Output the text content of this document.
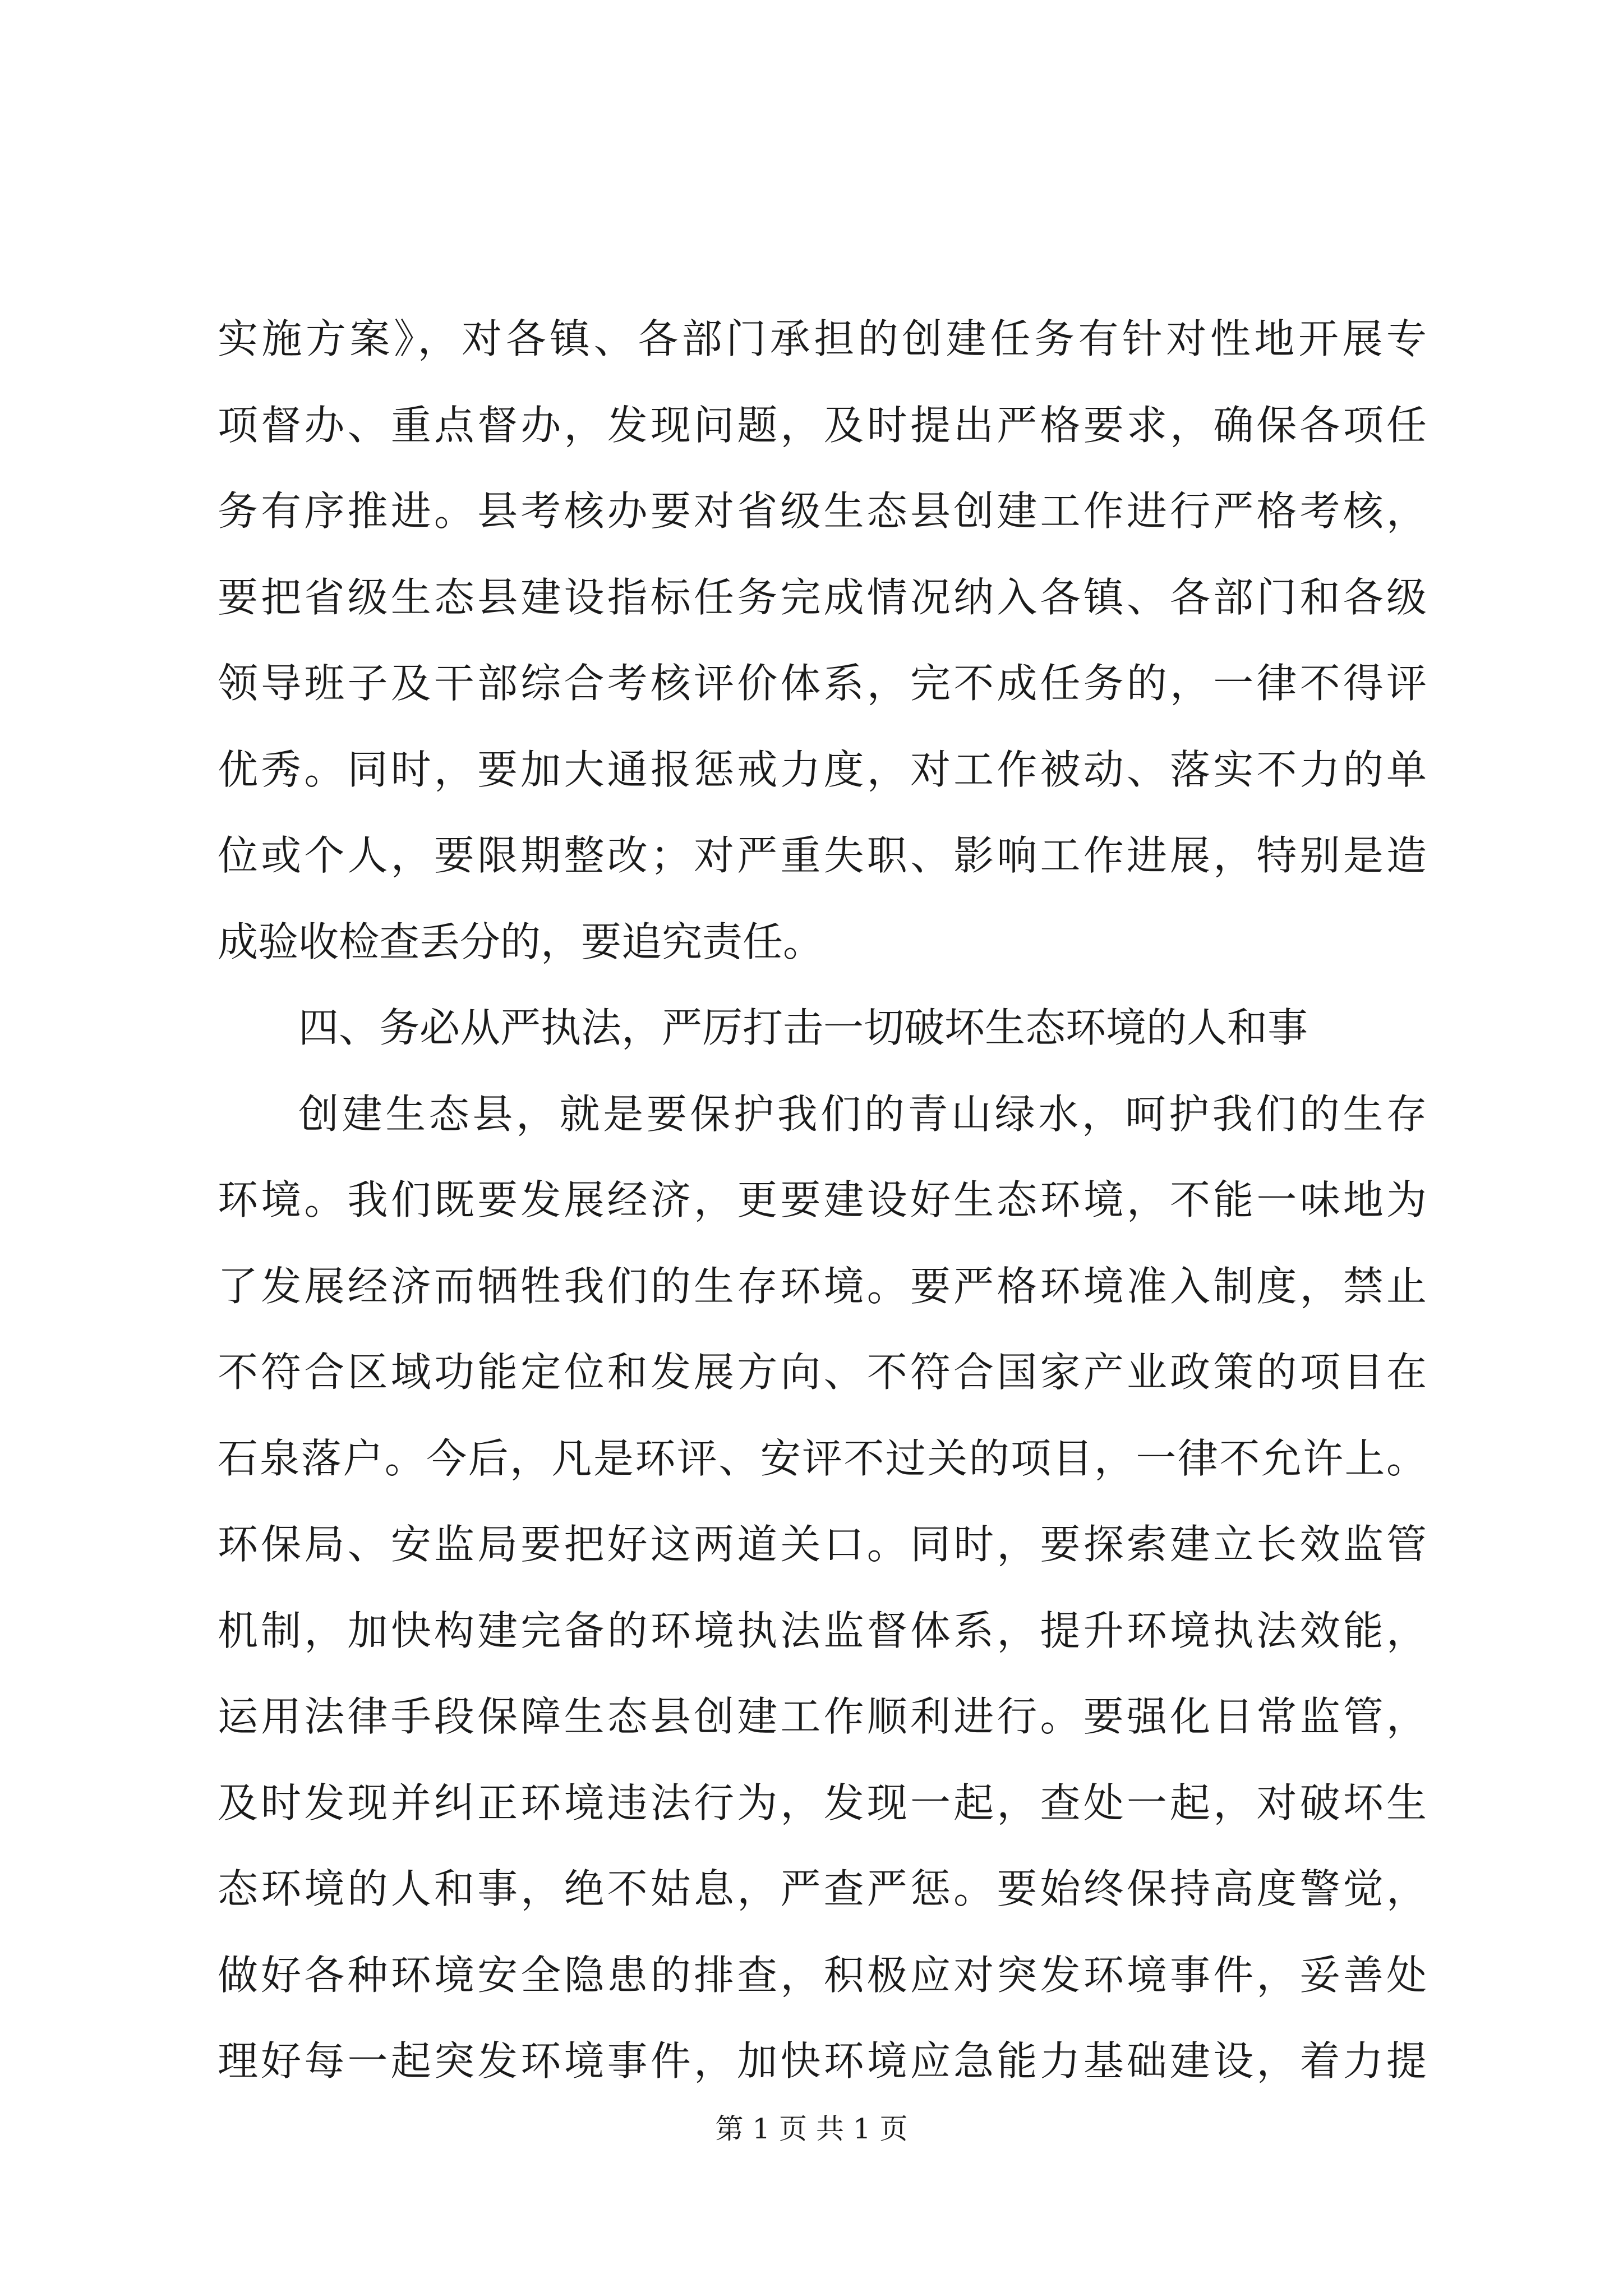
实施方案》，对各镇、各部门承担的创建任务有针对性地开展专
项督办、重点督办，发现问题，及时提出严格要求，确保各项任
务有序推进。县考核办要对省级生态县创建工作进行严格考核，
要把省级生态县建设指标任务完成情况纳入各镇、各部门和各级
领导班子及干部综合考核评价体系，完不成任务的，一律不得评
优秀。同时，要加大通报惩戒力度，对工作被动、落实不力的单
位或个人，要限期整改；对严重失职、影响工作进展，特别是造
成验收检查丢分的，要追究责任。
四、务必从严执法，严厉打击一切破坏生态环境的人和事
创建生态县，就是要保护我们的青山绿水，呵护我们的生存
环境。我们既要发展经济，更要建设好生态环境，不能一味地为
了发展经济而牺牲我们的生存环境。要严格环境准入制度，禁止
不符合区域功能定位和发展方向、不符合国家产业政策的项目在
石泉落户。今后，凡是环评、安评不过关的项目，一律不允许上。
环保局、安监局要把好这两道关口。同时，要探索建立长效监管
机制，加快构建完备的环境执法监督体系，提升环境执法效能，
运用法律手段保障生态县创建工作顺利进行。要强化日常监管，
及时发现并纠正环境违法行为，发现一起，查处一起，对破坏生
态环境的人和事，绝不姑息，严查严惩。要始终保持高度警觉，
做好各种环境安全隐患的排查，积极应对突发环境事件，妥善处
理好每一起突发环境事件，加快环境应急能力基础建设，着力提
第 1 页 共 1 页
